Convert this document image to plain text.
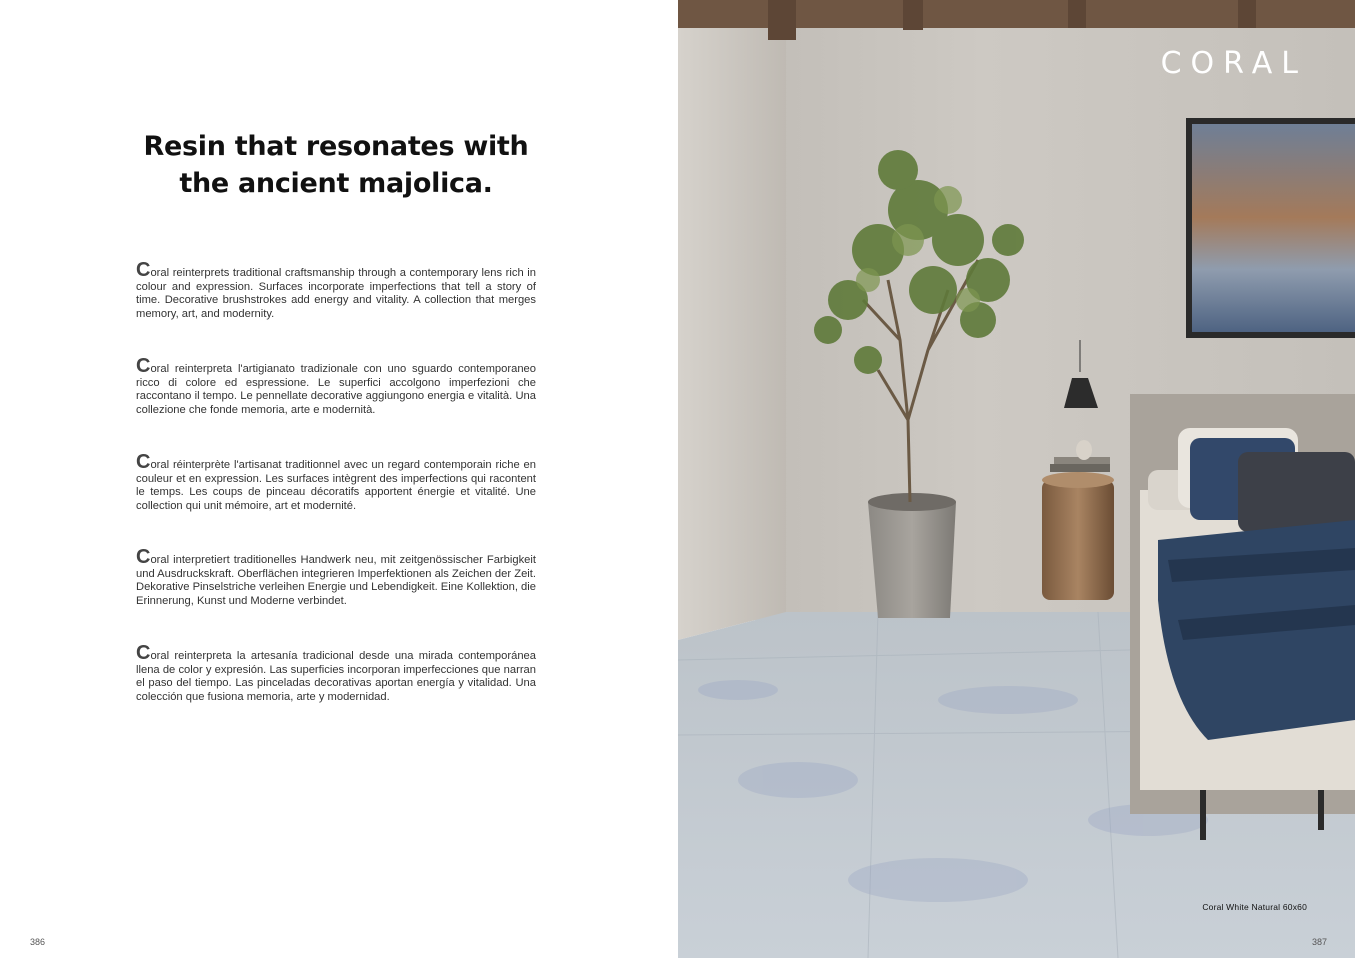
Resin that resonates with
the ancient majolica.

Coral reinterprets traditional craftsmanship through a contemporary lens rich in colour and expression. Surfaces incorporate imperfections that tell a story of time. Decorative brushstrokes add energy and vitality. A collection that merges memory, art, and modernity.

Coral reinterpreta l'artigianato tradizionale con uno sguardo contemporaneo ricco di colore ed espressione. Le superfici accolgono imperfezioni che raccontano il tempo. Le pennellate decorative aggiungono energia e vitalità. Una collezione che fonde memoria, arte e modernità.

Coral réinterprète l'artisanat traditionnel avec un regard contemporain riche en couleur et en expression. Les surfaces intègrent des imperfections qui racontent le temps. Les coups de pinceau décoratifs apportent énergie et vitalité. Une collection qui unit mémoire, art et modernité.

Coral interpretiert traditionelles Handwerk neu, mit zeitgenössischer Farbigkeit und Ausdruckskraft. Oberflächen integrieren Imperfektionen als Zeichen der Zeit. Dekorative Pinselstriche verleihen Energie und Lebendigkeit. Eine Kollektion, die Erinnerung, Kunst und Moderne verbindet.

Coral reinterpreta la artesanía tradicional desde una mirada contemporánea llena de color y expresión. Las superficies incorporan imperfecciones que narran el paso del tiempo. Las pinceladas decorativas aportan energía y vitalidad. Una colección que fusiona memoria, arte y modernidad.

386
CORAL
Coral White Natural 60x60
387
